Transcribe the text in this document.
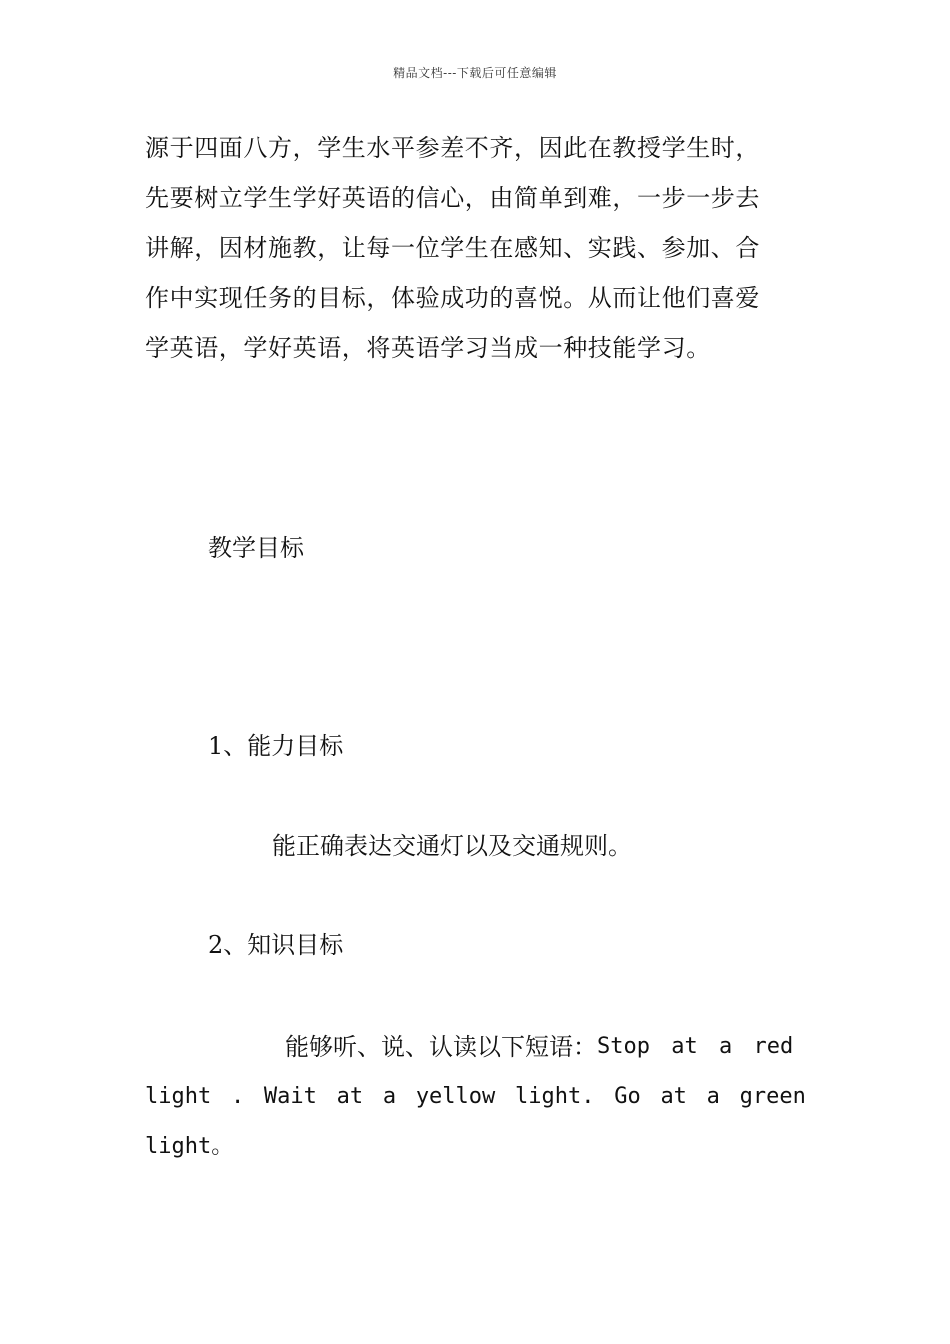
精品文档---下载后可任意编辑

源于四面八方，学生水平参差不齐，因此在教授学生时，
先要树立学生学好英语的信心，由简单到难，一步一步去
讲解，因材施教，让每一位学生在感知、实践、参加、合
作中实现任务的目标，体验成功的喜悦。从而让他们喜爱
学英语，学好英语，将英语学习当成一种技能学习。

教学目标
1、能力目标
能正确表达交通灯以及交通规则。
2、知识目标
能够听、说、认读以下短语： Stop at a red
light . Wait at a yellow light. Go at a green
light。
